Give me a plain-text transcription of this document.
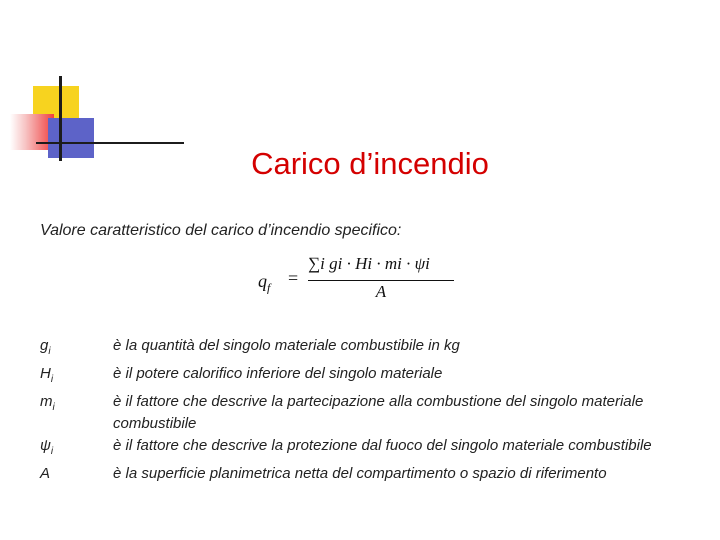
Carico d’incendio
Valore caratteristico del carico d’incendio specifico:
$q_f$ =
∑i gi · Hi · mi · ψi
A
$g_i$	è la quantità del singolo materiale combustibile in kg
$H_i$	è il potere calorifico inferiore del singolo materiale
$m_i$	è il fattore che descrive la partecipazione alla combustione del singolo materiale combustibile
$\psi_i$	è il fattore che descrive la protezione dal fuoco del singolo materiale combustibile
A	è la superficie planimetrica netta del compartimento o spazio di riferimento
